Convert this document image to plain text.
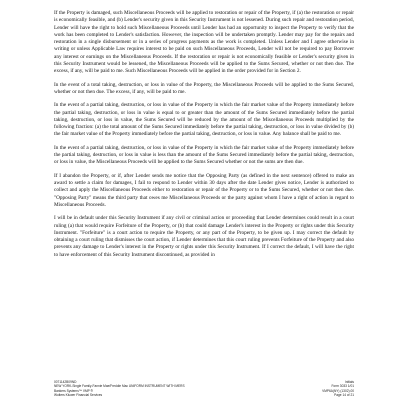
If the Property is damaged, such Miscellaneous Proceeds will be applied to restoration or repair of the Property, if (a) the restoration or repair is economically feasible, and (b) Lender's security given in this Security Instrument is not lessened. During such repair and restoration period, Lender will have the right to hold such Miscellaneous Proceeds until Lender has had an opportunity to inspect the Property to verify that the work has been completed to Lender's satisfaction. However, the inspection will be undertaken promptly. Lender may pay for the repairs and restoration in a single disbursement or in a series of progress payments as the work is completed. Unless Lender and I agree otherwise in writing or unless Applicable Law requires interest to be paid on such Miscellaneous Proceeds, Lender will not be required to pay Borrower any interest or earnings on the Miscellaneous Proceeds. If the restoration or repair is not economically feasible or Lender's security given in this Security Instrument would be lessened, the Miscellaneous Proceeds will be applied to the Sums Secured, whether or not then due. The excess, if any, will be paid to me. Such Miscellaneous Proceeds will be applied in the order provided for in Section 2.

In the event of a total taking, destruction, or loss in value of the Property, the Miscellaneous Proceeds will be applied to the Sums Secured, whether or not then due. The excess, if any, will be paid to me.

In the event of a partial taking, destruction, or loss in value of the Property in which the fair market value of the Property immediately before the partial taking, destruction, or loss in value is equal to or greater than the amount of the Sums Secured immediately before the partial taking, destruction, or loss in value, the Sums Secured will be reduced by the amount of the Miscellaneous Proceeds multiplied by the following fraction: (a) the total amount of the Sums Secured immediately before the partial taking, destruction, or loss in value divided by (b) the fair market value of the Property immediately before the partial taking, destruction, or loss in value. Any balance shall be paid to me.

In the event of a partial taking, destruction, or loss in value of the Property in which the fair market value of the Property immediately before the partial taking, destruction, or loss in value is less than the amount of the Sums Secured immediately before the partial taking, destruction, or loss in value, the Miscellaneous Proceeds will be applied to the Sums Secured whether or not the sums are then due.

If I abandon the Property, or if, after Lender sends me notice that the Opposing Party (as defined in the next sentence) offered to make an award to settle a claim for damages, I fail to respond to Lender within 30 days after the date Lender gives notice, Lender is authorized to collect and apply the Miscellaneous Proceeds either to restoration or repair of the Property or to the Sums Secured, whether or not then due. "Opposing Party" means the third party that owes me Miscellaneous Proceeds or the party against whom I have a right of action in regard to Miscellaneous Proceeds.

I will be in default under this Security Instrument if any civil or criminal action or proceeding that Lender determines could result in a court ruling (a) that would require Forfeiture of the Property, or (b) that could damage Lender's interest in the Property or rights under this Security Instrument. "Forfeiture" is a court action to require the Property, or any part of the Property, to be given up. I may correct the default by obtaining a court ruling that dismisses the court action, if Lender determines that this court ruling prevents Forfeiture of the Property and also prevents any damage to Lender's interest in the Property or rights under this Security Instrument. If I correct the default, I will have the right to have enforcement of this Security Instrument discontinued, as provided in

0071142B09ND
NEW YORK-Single Family-Fannie Mae/Freddie Mac UNIFORM INSTRUMENT WITH MERS
Bankers Systems™ VMP ®
Wolters Kluwer Financial Services
Initials
Form 3033 1/01
VMP6A(NY) (1302).00
Page 14 of 21
